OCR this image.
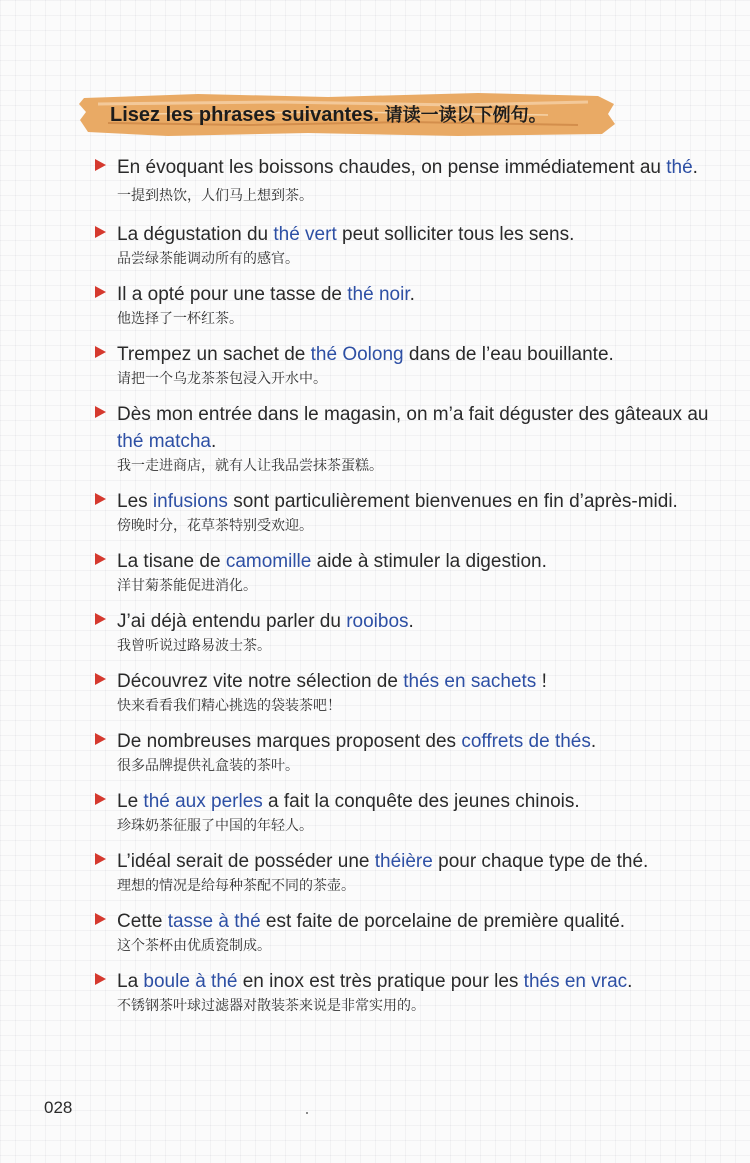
Lisez les phrases suivantes. 请读一读以下例句。
En évoquant les boissons chaudes, on pense immédiatement au thé. 一提到热饮，人们马上想到茶。
La dégustation du thé vert peut solliciter tous les sens.
品尝绿茶能调动所有的感官。
Il a opté pour une tasse de thé noir.
他选择了一杯红茶。
Trempez un sachet de thé Oolong dans de l’eau bouillante.
请把一个乌龙茶茶包浸入开水中。
Dès mon entrée dans le magasin, on m’a fait déguster des gâteaux au thé matcha.
我一走进商店，就有人让我品尝抹茶蛋糕。
Les infusions sont particulièrement bienvenues en fin d’après-midi.
傍晚时分，花草茶特别受欢迎。
La tisane de camomille aide à stimuler la digestion.
洋甘菊茶能促进消化。
J’ai déjà entendu parler du rooibos.
我曾听说过路易波士茶。
Découvrez vite notre sélection de thés en sachets !
快来看看我们精心挑选的袋装茶吧！
De nombreuses marques proposent des coffrets de thés.
很多品牌提供礼盒装的茶叶。
Le thé aux perles a fait la conquête des jeunes chinois.
珍珠奶茶征服了中国的年轻人。
L’idéal serait de posséder une théière pour chaque type de thé.
理想的情况是给每种茶配不同的茶壶。
Cette tasse à thé est faite de porcelaine de première qualité.
这个茶杯由优质瓷制成。
La boule à thé en inox est très pratique pour les thés en vrac.
不锈钢茶叶球过滤器对散装茶来说是非常实用的。
028
